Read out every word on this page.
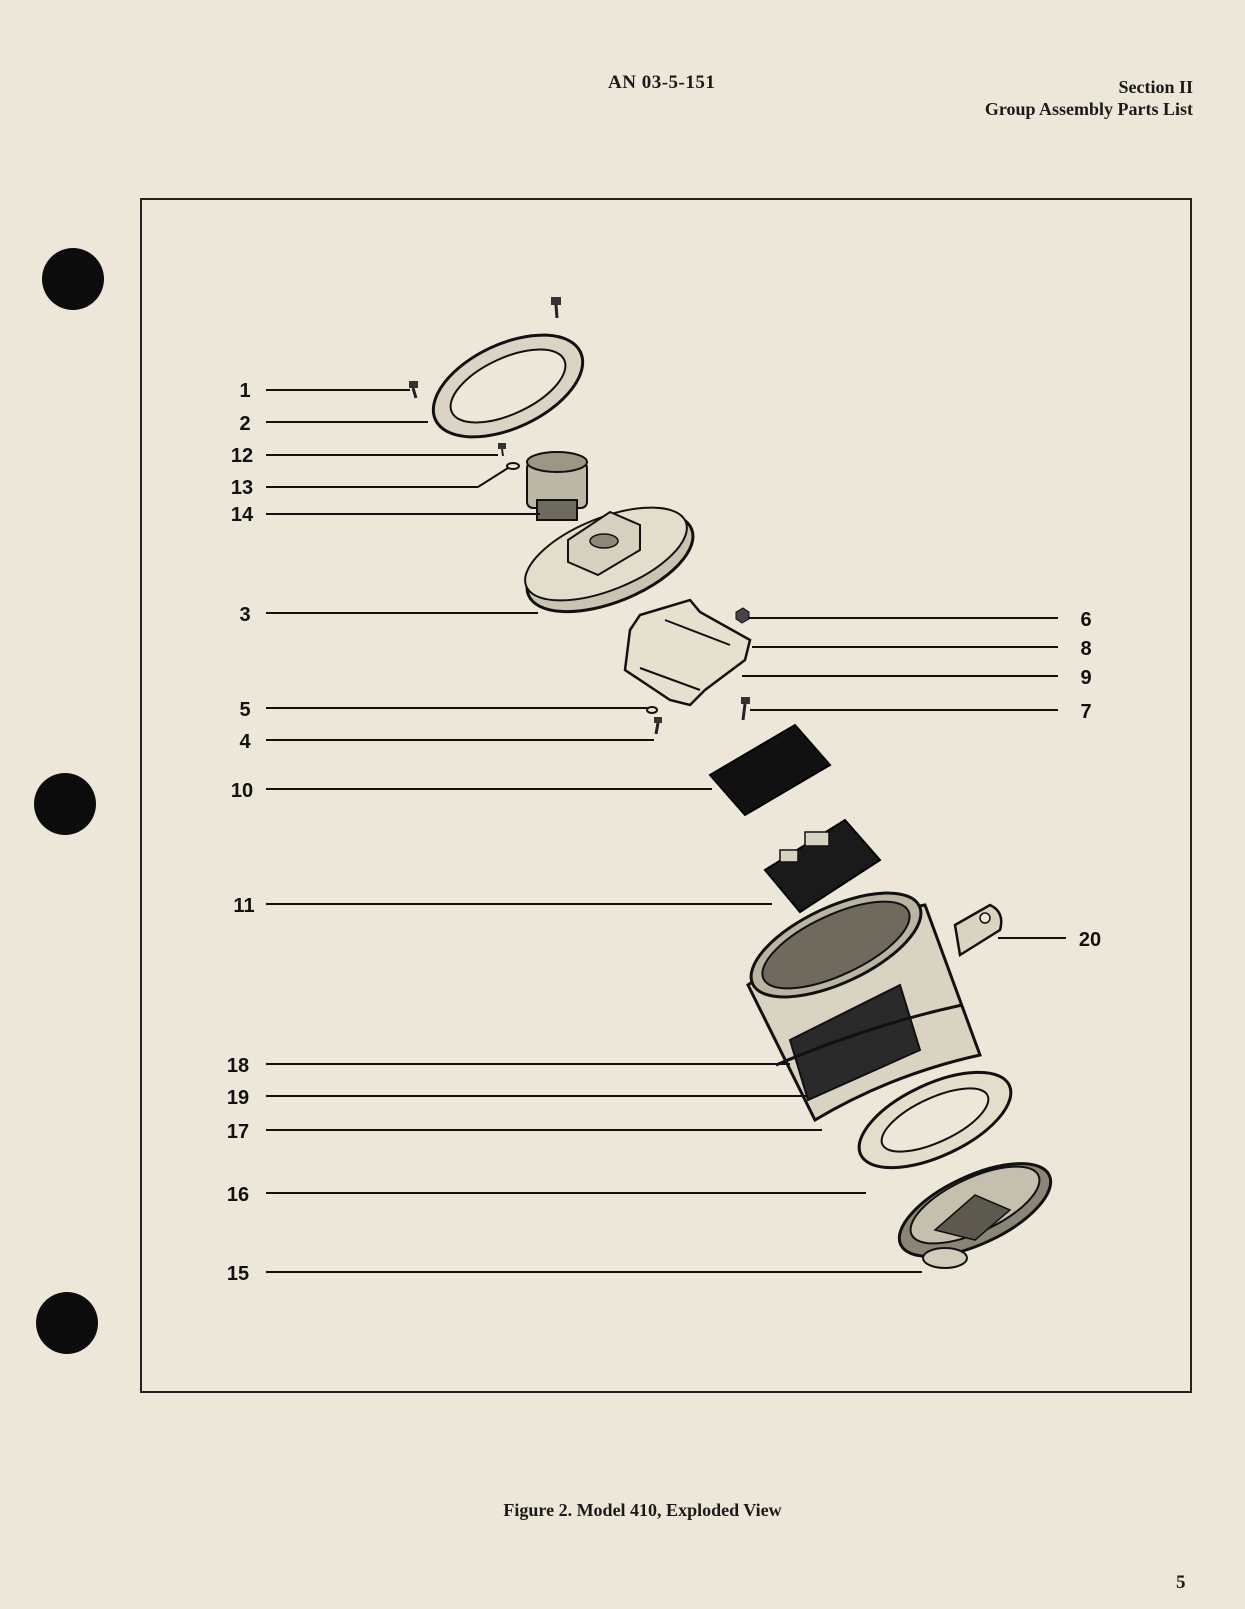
AN 03-5-151	Section II
Group Assembly Parts List
1
2
12
13
14
3	6
8
9
5	7
4
10
11
20
18
19
17
16
15
Figure 2. Model 410, Exploded View
5
